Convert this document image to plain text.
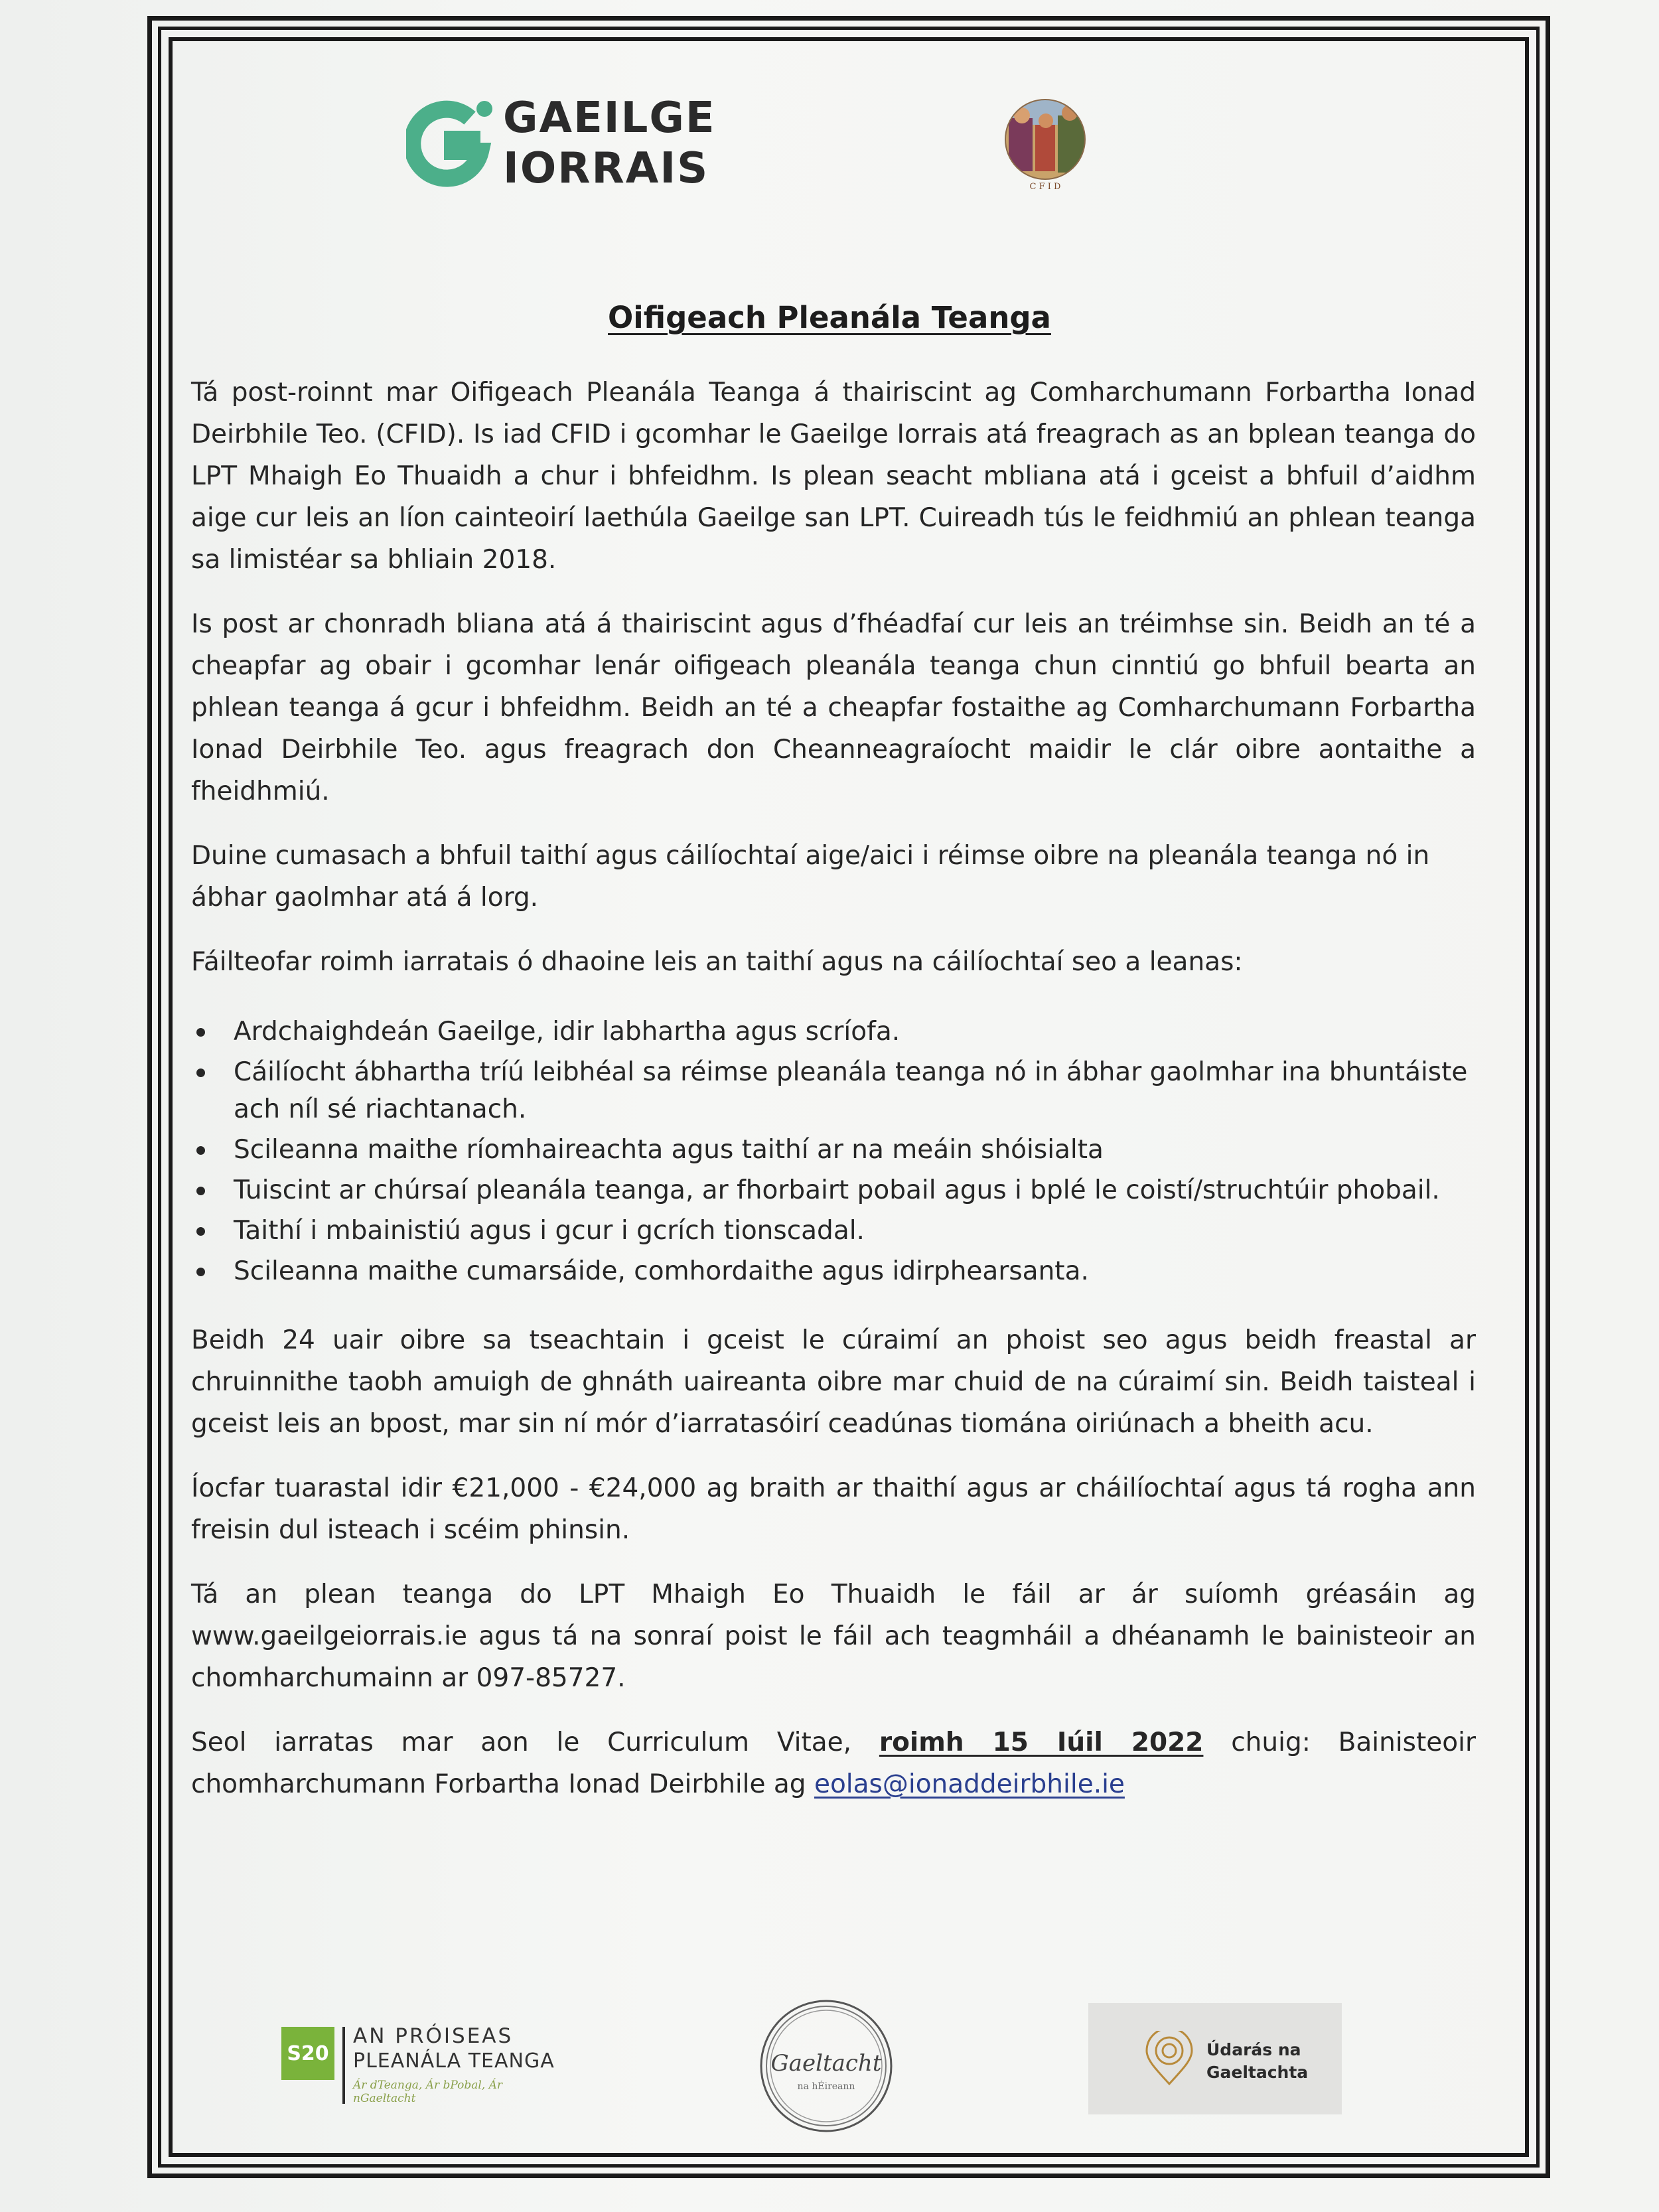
GAEILGE
IORRAIS	C F I D
Oifigeach Pleanála Teanga

Tá post-roinnt mar Oifigeach Pleanála Teanga á thairiscint ag Comharchumann Forbartha Ionad Deirbhile Teo. (CFID). Is iad CFID i gcomhar le Gaeilge Iorrais atá freagrach as an bplean teanga do LPT Mhaigh Eo Thuaidh a chur i bhfeidhm. Is plean seacht mbliana atá i gceist a bhfuil d’aidhm aige cur leis an líon cainteoirí laethúla Gaeilge san LPT. Cuireadh tús le feidhmiú an phlean teanga sa limistéar sa bhliain 2018.

Is post ar chonradh bliana atá á thairiscint agus d’fhéadfaí cur leis an tréimhse sin. Beidh an té a cheapfar ag obair i gcomhar lenár oifigeach pleanála teanga chun cinntiú go bhfuil bearta an phlean teanga á gcur i bhfeidhm. Beidh an té a cheapfar fostaithe ag Comharchumann Forbartha Ionad Deirbhile Teo. agus freagrach don Cheanneagraíocht maidir le clár oibre aontaithe a fheidhmiú.

Duine cumasach a bhfuil taithí agus cáilíochtaí aige/aici i réimse oibre na pleanála teanga nó in ábhar gaolmhar atá á lorg.

Fáilteofar roimh iarratais ó dhaoine leis an taithí agus na cáilíochtaí seo a leanas:

Ardchaighdeán Gaeilge, idir labhartha agus scríofa.
Cáilíocht ábhartha tríú leibhéal sa réimse pleanála teanga nó in ábhar gaolmhar ina bhuntáiste ach níl sé riachtanach.
Scileanna maithe ríomhaireachta agus taithí ar na meáin shóisialta
Tuiscint ar chúrsaí pleanála teanga, ar fhorbairt pobail agus i bplé le coistí/struchtúir phobail.
Taithí i mbainistiú agus i gcur i gcrích tionscadal.
Scileanna maithe cumarsáide, comhordaithe agus idirphearsanta.

Beidh 24 uair oibre sa tseachtain i gceist le cúraimí an phoist seo agus beidh freastal ar chruinnithe taobh amuigh de ghnáth uaireanta oibre mar chuid de na cúraimí sin. Beidh taisteal i gceist leis an bpost, mar sin ní mór d’iarratasóirí ceadúnas tiomána oiriúnach a bheith acu.

Íocfar tuarastal idir €21,000 - €24,000 ag braith ar thaithí agus ar cháilíochtaí agus tá rogha ann freisin dul isteach i scéim phinsin.

Tá an plean teanga do LPT Mhaigh Eo Thuaidh le fáil ar ár suíomh gréasáin ag www.gaeilgeiorrais.ie agus tá na sonraí poist le fáil ach teagmháil a dhéanamh le bainisteoir an chomharchumainn ar 097-85727.

Seol iarratas mar aon le Curriculum Vitae, roimh 15 Iúil 2022 chuig: Bainisteoir chomharchumann Forbartha Ionad Deirbhile ag eolas@ionaddeirbhile.ie

S20
AN PRÓISEAS
PLEANÁLA TEANGA
Ár dTeanga, Ár bPobal, Ár nGaeltacht
Gaeltacht
na hÉireann
Údarás na
Gaeltachta
